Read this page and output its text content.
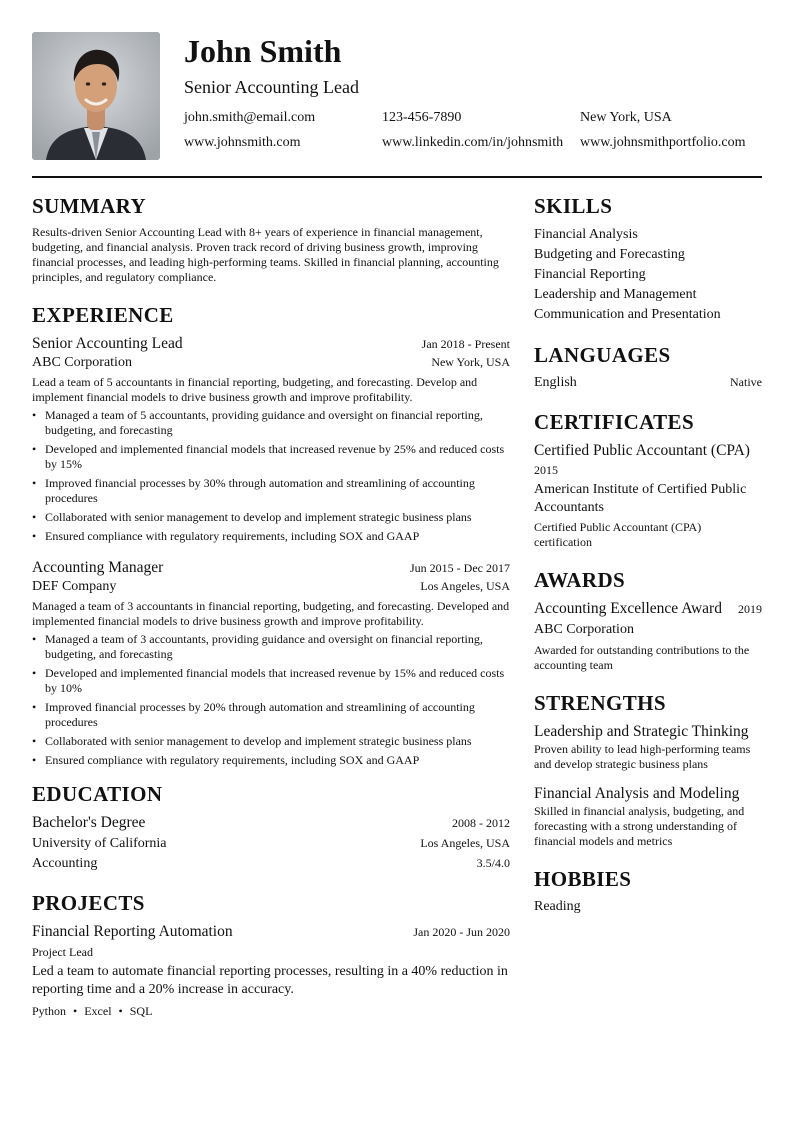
John Smith
Senior Accounting Lead
john.smith@email.com	123-456-7890	New York, USA
www.johnsmith.com	www.linkedin.com/in/johnsmith	www.johnsmithportfolio.com
SUMMARY

Results-driven Senior Accounting Lead with 8+ years of experience in financial management, budgeting, and financial analysis. Proven track record of driving business growth, improving financial processes, and leading high-performing teams. Skilled in financial planning, accounting principles, and regulatory compliance.

EXPERIENCE
Senior Accounting Lead	Jan 2018 - Present
ABC Corporation	New York, USA

Lead a team of 5 accountants in financial reporting, budgeting, and forecasting. Develop and implement financial models to drive business growth and improve profitability.

• Managed a team of 5 accountants, providing guidance and oversight on financial reporting, budgeting, and forecasting
• Developed and implemented financial models that increased revenue by 25% and reduced costs by 15%
• Improved financial processes by 30% through automation and streamlining of accounting procedures
• Collaborated with senior management to develop and implement strategic business plans
• Ensured compliance with regulatory requirements, including SOX and GAAP
Accounting Manager	Jun 2015 - Dec 2017
DEF Company	Los Angeles, USA

Managed a team of 3 accountants in financial reporting, budgeting, and forecasting. Developed and implemented financial models to drive business growth and improve profitability.

• Managed a team of 3 accountants, providing guidance and oversight on financial reporting, budgeting, and forecasting
• Developed and implemented financial models that increased revenue by 15% and reduced costs by 10%
• Improved financial processes by 20% through automation and streamlining of accounting procedures
• Collaborated with senior management to develop and implement strategic business plans
• Ensured compliance with regulatory requirements, including SOX and GAAP
EDUCATION
Bachelor's Degree	2008 - 2012
University of California	Los Angeles, USA
Accounting	3.5/4.0
PROJECTS
Financial Reporting Automation	Jan 2020 - Jun 2020
Project Lead

Led a team to automate financial reporting processes, resulting in a 40% reduction in reporting time and a 20% increase in accuracy.

Python • Excel • SQL
SKILLS
Financial Analysis
Budgeting and Forecasting
Financial Reporting
Leadership and Management
Communication and Presentation
LANGUAGES
English	Native
CERTIFICATES
Certified Public Accountant (CPA)
2015
American Institute of Certified Public Accountants
Certified Public Accountant (CPA) certification
AWARDS
Accounting Excellence Award 2019
ABC Corporation
Awarded for outstanding contributions to the accounting team
STRENGTHS
Leadership and Strategic Thinking
Proven ability to lead high-performing teams and develop strategic business plans
Financial Analysis and Modeling
Skilled in financial analysis, budgeting, and forecasting with a strong understanding of financial models and metrics
HOBBIES
Reading
